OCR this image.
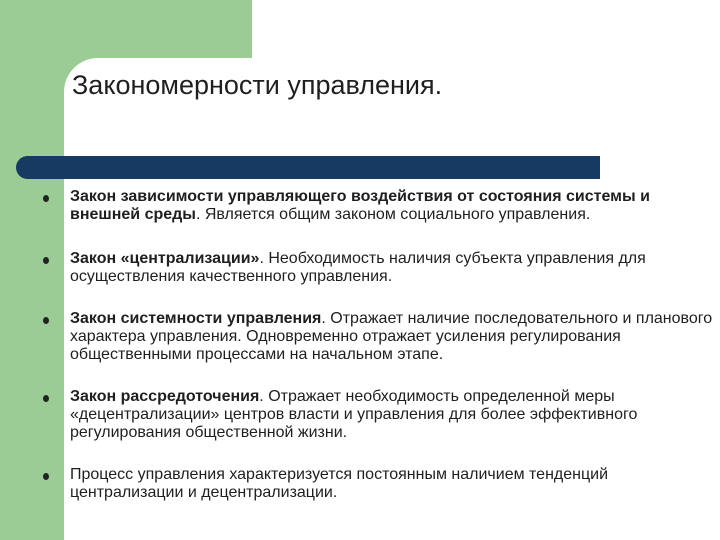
Закономерности управления.

Закон зависимости управляющего воздействия от состояния системы и внешней среды. Является общим законом социального управления.

Закон «централизации». Необходимость наличия субъекта управления для осуществления качественного управления.

Закон системности управления. Отражает наличие последовательного и планового характера управления. Одновременно отражает усиления регулирования общественными процессами на начальном этапе.

Закон рассредоточения. Отражает необходимость определенной меры «децентрализации» центров власти и управления для более эффективного регулирования общественной жизни.

Процесс управления характеризуется постоянным наличием тенденций централизации и децентрализации.
